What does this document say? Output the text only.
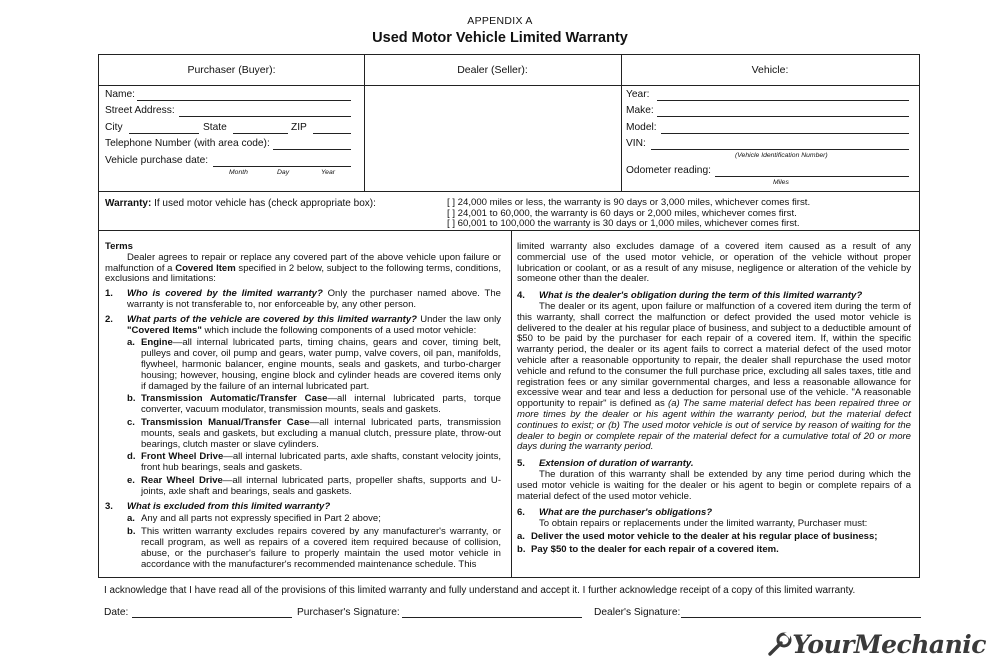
APPENDIX A
Used Motor Vehicle Limited Warranty
Purchaser (Buyer):	Dealer (Seller):	Vehicle:
Name:
Street Address:
City	State	ZIP
Telephone Number (with area code):
Vehicle purchase date:
Month	Day	Year
Year:
Make:
Model:
VIN:
(Vehicle Identification Number)
Odometer reading:
Miles
Warranty: If used motor vehicle has (check appropriate box):	[ ] 24,000 miles or less, the warranty is 90 days or 3,000 miles, whichever comes first.
[ ] 24,001 to 60,000, the warranty is 60 days or 2,000 miles, whichever comes first.
[ ] 60,001 to 100,000 the warranty is 30 days or 1,000 miles, whichever comes first.

Terms

Dealer agrees to repair or replace any covered part of the above vehicle upon failure or malfunction of a Covered Item specified in 2 below, subject to the following terms, conditions, exclusions and limitations:

1.	Who is covered by the limited warranty? Only the purchaser named above. The warranty is not transferable to, nor enforceable by, any other person.
2.	What parts of the vehicle are covered by this limited warranty? Under the law only "Covered Items" which include the following components of a used motor vehicle:
a. Engine—all internal lubricated parts, timing chains, gears and cover, timing belt, pulleys and cover, oil pump and gears, water pump, valve covers, oil pan, manifolds, flywheel, harmonic balancer, engine mounts, seals and gaskets, and turbo-charger housing; however, housing, engine block and cylinder heads are covered items only if damaged by the failure of an internal lubricated part.
b. Transmission Automatic/Transfer Case—all internal lubricated parts, torque converter, vacuum modulator, transmission mounts, seals and gaskets.
c. Transmission Manual/Transfer Case—all internal lubricated parts, transmission mounts, seals and gaskets, but excluding a manual clutch, pressure plate, throw-out bearings, clutch master or slave cylinders.
d. Front Wheel Drive—all internal lubricated parts, axle shafts, constant velocity joints, front hub bearings, seals and gaskets.
e. Rear Wheel Drive—all internal lubricated parts, propeller shafts, supports and U-joints, axle shaft and bearings, seals and gaskets.
3.	What is excluded from this limited warranty?
a. Any and all parts not expressly specified in Part 2 above;
b. This written warranty excludes repairs covered by any manufacturer's warranty, or recall program, as well as repairs of a covered item required because of collision, abuse, or the purchaser's failure to properly maintain the used motor vehicle in accordance with the manufacturer's recommended maintenance schedule. This

limited warranty also excludes damage of a covered item caused as a result of any commercial use of the used motor vehicle, or operation of the vehicle without proper lubrication or coolant, or as a result of any misuse, negligence or alteration of the vehicle by someone other than the dealer.

4.	What is the dealer's obligation during the term of this limited warranty?

The dealer or its agent, upon failure or malfunction of a covered item during the term of this warranty, shall correct the malfunction or defect provided the used motor vehicle is delivered to the dealer at his regular place of business, and subject to a deductible amount of $50 to be paid by the purchaser for each repair of a covered item. If, within the specific warranty period, the dealer or its agent fails to correct a material defect of the used motor vehicle after a reasonable opportunity to repair, the dealer shall repurchase the used motor vehicle and refund to the consumer the full purchase price, excluding all sales taxes, title and registration fees or any similar governmental charges, and less a reasonable allowance for excessive wear and tear and less a deduction for personal use of the vehicle. "A reasonable opportunity to repair" is defined as (a) The same material defect has been repaired three or more times by the dealer or his agent within the warranty period, but the material defect continues to exist; or (b) The used motor vehicle is out of service by reason of waiting for the dealer to begin or complete repair of the material defect for a cumulative total of 20 or more days during the warranty period.

5.	Extension of duration of warranty.

The duration of this warranty shall be extended by any time period during which the used motor vehicle is waiting for the dealer or his agent to begin or complete repairs of a material defect of the used motor vehicle.

6.	What are the purchaser's obligations?

To obtain repairs or replacements under the limited warranty, Purchaser must:

a. Deliver the used motor vehicle to the dealer at his regular place of business;
b. Pay $50 to the dealer for each repair of a covered item.
I acknowledge that I have read all of the provisions of this limited warranty and fully understand and accept it. I further acknowledge receipt of a copy of this limited warranty.
Date:	Purchaser's Signature:	Dealer's Signature:
YourMechanic
